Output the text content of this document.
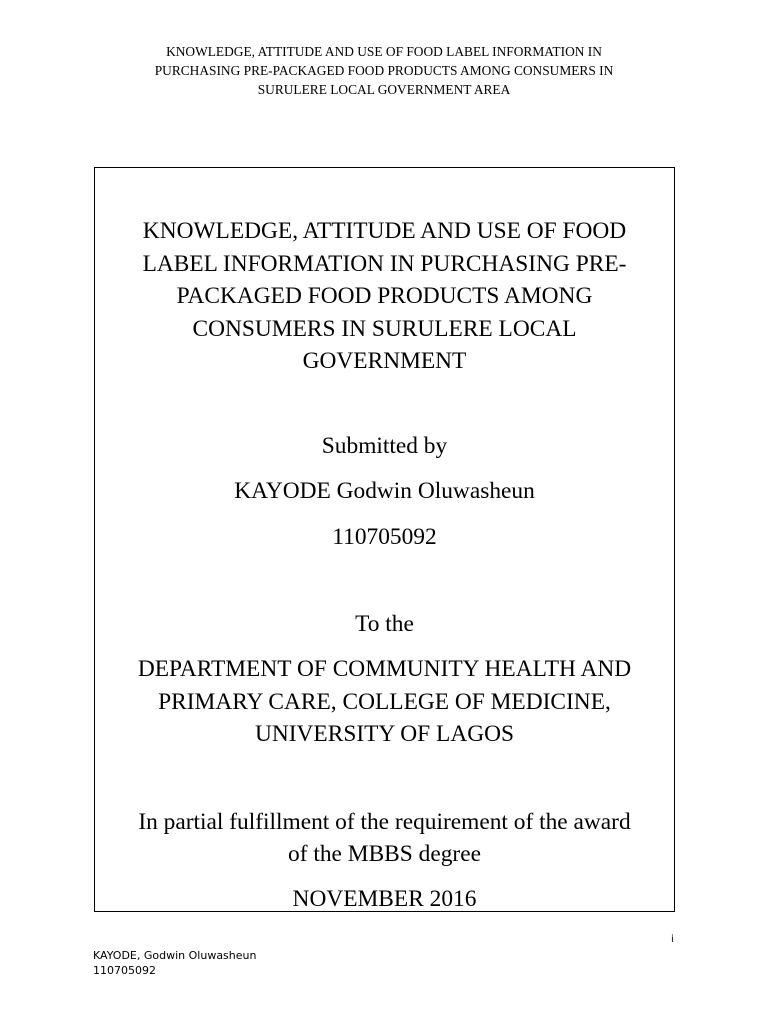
KNOWLEDGE, ATTITUDE AND USE OF FOOD LABEL INFORMATION IN
PURCHASING PRE-PACKAGED FOOD PRODUCTS AMONG CONSUMERS IN
SURULERE LOCAL GOVERNMENT AREA
KNOWLEDGE, ATTITUDE AND USE OF FOOD
LABEL INFORMATION IN PURCHASING PRE-
PACKAGED FOOD PRODUCTS AMONG
CONSUMERS IN SURULERE LOCAL
GOVERNMENT
Submitted by
KAYODE Godwin Oluwasheun
110705092
To the
DEPARTMENT OF COMMUNITY HEALTH AND
PRIMARY CARE, COLLEGE OF MEDICINE,
UNIVERSITY OF LAGOS
In partial fulfillment of the requirement of the award
of the MBBS degree
NOVEMBER 2016
i
KAYODE, Godwin Oluwasheun
110705092
